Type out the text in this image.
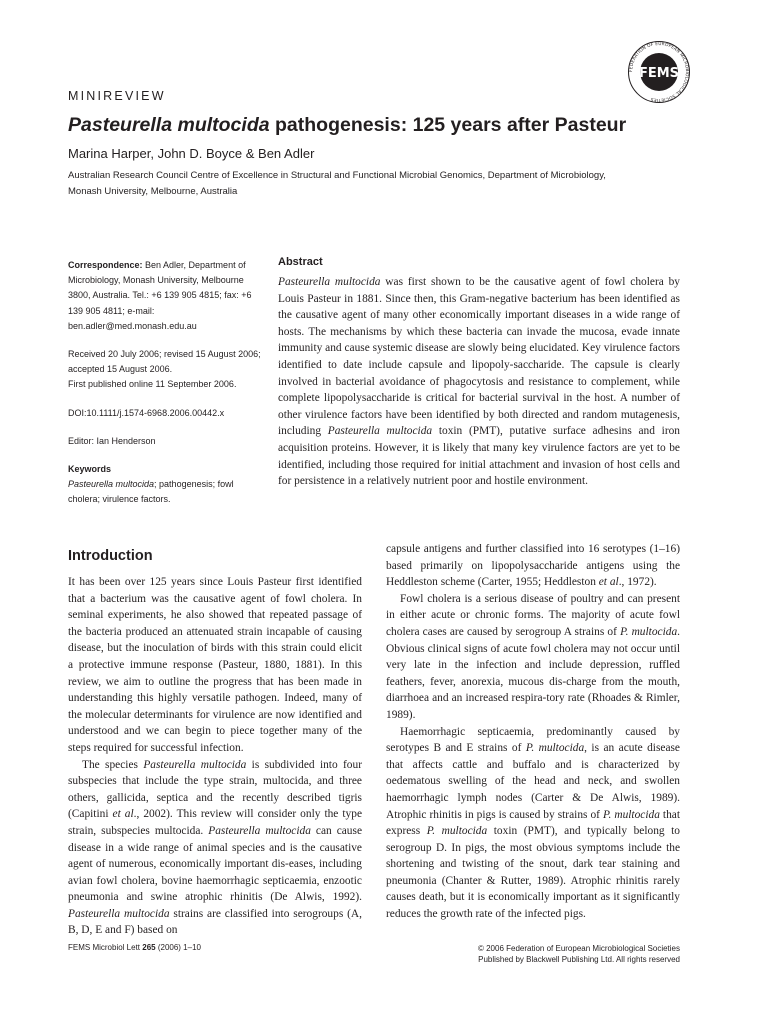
FEDERATION OF EUROPEAN MICROBIOLOGICAL SOCIETIES
FEMS
MINIREVIEW
Pasteurella multocida pathogenesis: 125 years after Pasteur
Marina Harper, John D. Boyce & Ben Adler
Australian Research Council Centre of Excellence in Structural and Functional Microbial Genomics, Department of Microbiology, Monash University, Melbourne, Australia

Correspondence: Ben Adler, Department of Microbiology, Monash University, Melbourne 3800, Australia. Tel.: +6 139 905 4815; fax: +6 139 905 4811; e-mail: ben.adler@med.monash.edu.au

Received 20 July 2006; revised 15 August 2006; accepted 15 August 2006.
First published online 11 September 2006.

DOI:10.1111/j.1574-6968.2006.00442.x

Editor: Ian Henderson

Keywords

Pasteurella multocida; pathogenesis; fowl cholera; virulence factors.

Abstract

Pasteurella multocida was first shown to be the causative agent of fowl cholera by Louis Pasteur in 1881. Since then, this Gram-negative bacterium has been identified as the causative agent of many other economically important diseases in a wide range of hosts. The mechanisms by which these bacteria can invade the mucosa, evade innate immunity and cause systemic disease are slowly being elucidated. Key virulence factors identified to date include capsule and lipopoly-saccharide. The capsule is clearly involved in bacterial avoidance of phagocytosis and resistance to complement, while complete lipopolysaccharide is critical for bacterial survival in the host. A number of other virulence factors have been identified by both directed and random mutagenesis, including Pasteurella multocida toxin (PMT), putative surface adhesins and iron acquisition proteins. However, it is likely that many key virulence factors are yet to be identified, including those required for initial attachment and invasion of host cells and for persistence in a relatively nutrient poor and hostile environment.

Introduction

It has been over 125 years since Louis Pasteur first identified that a bacterium was the causative agent of fowl cholera. In seminal experiments, he also showed that repeated passage of the bacteria produced an attenuated strain incapable of causing disease, but the inoculation of birds with this strain could elicit a protective immune response (Pasteur, 1880, 1881). In this review, we aim to outline the progress that has been made in understanding this highly versatile pathogen. Indeed, many of the molecular determinants for virulence are now identified and understood and we can begin to piece together many of the steps required for successful infection.

The species Pasteurella multocida is subdivided into four subspecies that include the type strain, multocida, and three others, gallicida, septica and the recently described tigris (Capitini et al., 2002). This review will consider only the type strain, subspecies multocida. Pasteurella multocida can cause disease in a wide range of animal species and is the causative agent of numerous, economically important dis-eases, including avian fowl cholera, bovine haemorrhagic septicaemia, enzootic pneumonia and swine atrophic rhinitis (De Alwis, 1992). Pasteurella multocida strains are classified into serogroups (A, B, D, E and F) based on

capsule antigens and further classified into 16 serotypes (1–16) based primarily on lipopolysaccharide antigens using the Heddleston scheme (Carter, 1955; Heddleston et al., 1972).

Fowl cholera is a serious disease of poultry and can present in either acute or chronic forms. The majority of acute fowl cholera cases are caused by serogroup A strains of P. multocida. Obvious clinical signs of acute fowl cholera may not occur until very late in the infection and include depression, ruffled feathers, fever, anorexia, mucous dis-charge from the mouth, diarrhoea and an increased respira-tory rate (Rhoades & Rimler, 1989).

Haemorrhagic septicaemia, predominantly caused by serotypes B and E strains of P. multocida, is an acute disease that affects cattle and buffalo and is characterized by oedematous swelling of the head and neck, and swollen haemorrhagic lymph nodes (Carter & De Alwis, 1989). Atrophic rhinitis in pigs is caused by strains of P. multocida that express P. multocida toxin (PMT), and typically belong to serogroup D. In pigs, the most obvious symptoms include the shortening and twisting of the snout, dark tear staining and pneumonia (Chanter & Rutter, 1989). Atrophic rhinitis rarely causes death, but it is economically important as it significantly reduces the growth rate of the infected pigs.

FEMS Microbiol Lett 265 (2006) 1–10	© 2006 Federation of European Microbiological Societies
Published by Blackwell Publishing Ltd. All rights reserved
